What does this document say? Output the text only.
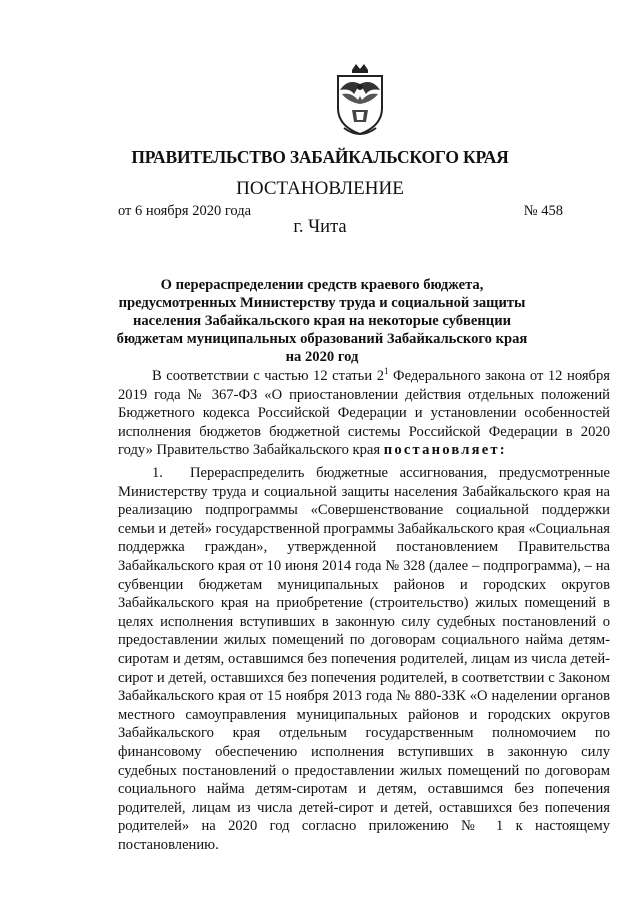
ПРАВИТЕЛЬСТВО ЗАБАЙКАЛЬСКОГО КРАЯ
ПОСТАНОВЛЕНИЕ
от 6 ноября 2020 года	№ 458
г. Чита
О перераспределении средств краевого бюджета, предусмотренных Министерству труда и социальной защиты населения Забайкальского края на некоторые субвенции бюджетам муниципальных образований Забайкальского края на 2020 год
В соответствии с частью 12 статьи $2^1$ Федерального закона от 12 ноября 2019 года № 367-ФЗ «О приостановлении действия отдельных положений Бюджетного кодекса Российской Федерации и установлении особенностей исполнения бюджетов бюджетной системы Российской Федерации в 2020 году» Правительство Забайкальского края постановляет:
1. Перераспределить бюджетные ассигнования, предусмотренные Министерству труда и социальной защиты населения Забайкальского края на реализацию подпрограммы «Совершенствование социальной поддержки семьи и детей» государственной программы Забайкальского края «Социальная поддержка граждан», утвержденной постановлением Правительства Забайкальского края от 10 июня 2014 года № 328 (далее – подпрограмма), – на субвенции бюджетам муниципальных районов и городских округов Забайкальского края на приобретение (строительство) жилых помещений в целях исполнения вступивших в законную силу судебных постановлений о предоставлении жилых помещений по договорам социального найма детям-сиротам и детям, оставшимся без попечения родителей, лицам из числа детей-сирот и детей, оставшихся без попечения родителей, в соответствии с Законом Забайкальского края от 15 ноября 2013 года № 880-ЗЗК «О наделении органов местного самоуправления муниципальных районов и городских округов Забайкальского края отдельным государственным полномочием по финансовому обеспечению исполнения вступивших в законную силу судебных постановлений о предоставлении жилых помещений по договорам социального найма детям-сиротам и детям, оставшимся без попечения родителей, лицам из числа детей-сирот и детей, оставшихся без попечения родителей» на 2020 год согласно приложению № 1 к настоящему постановлению.
